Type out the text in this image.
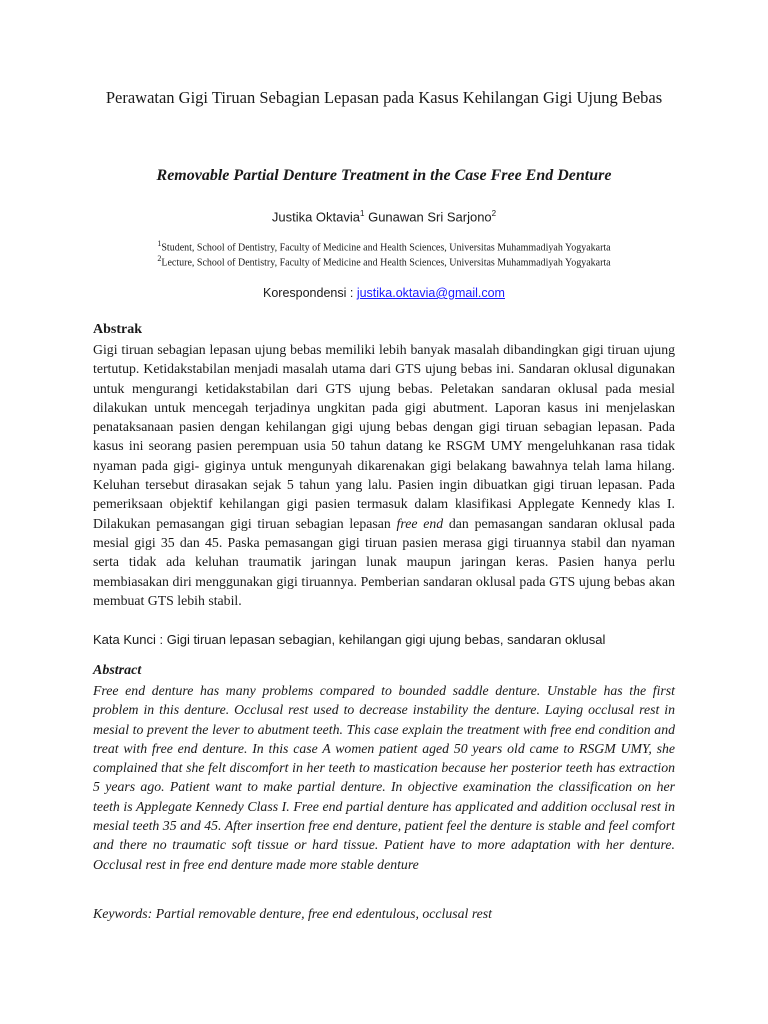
Perawatan Gigi Tiruan Sebagian Lepasan pada Kasus Kehilangan Gigi Ujung Bebas
Removable Partial Denture Treatment in the Case Free End Denture
Justika Oktavia$^1$ Gunawan Sri Sarjono$^2$
$^1$Student, School of Dentistry, Faculty of Medicine and Health Sciences, Universitas Muhammadiyah Yogyakarta
$^2$Lecture, School of Dentistry, Faculty of Medicine and Health Sciences, Universitas Muhammadiyah Yogyakarta
Korespondensi : justika.oktavia@gmail.com
Abstrak
Gigi tiruan sebagian lepasan ujung bebas memiliki lebih banyak masalah dibandingkan gigi tiruan ujung tertutup. Ketidakstabilan menjadi masalah utama dari GTS ujung bebas ini. Sandaran oklusal digunakan untuk mengurangi ketidakstabilan dari GTS ujung bebas. Peletakan sandaran oklusal pada mesial dilakukan untuk mencegah terjadinya ungkitan pada gigi abutment. Laporan kasus ini menjelaskan penataksanaan pasien dengan kehilangan gigi ujung bebas dengan gigi tiruan sebagian lepasan. Pada kasus ini seorang pasien perempuan usia 50 tahun datang ke RSGM UMY mengeluhkanan rasa tidak nyaman pada gigi- giginya untuk mengunyah dikarenakan gigi belakang bawahnya telah lama hilang. Keluhan tersebut dirasakan sejak 5 tahun yang lalu. Pasien ingin dibuatkan gigi tiruan lepasan. Pada pemeriksaan objektif kehilangan gigi pasien termasuk dalam klasifikasi Applegate Kennedy klas I. Dilakukan pemasangan gigi tiruan sebagian lepasan free end dan pemasangan sandaran oklusal pada mesial gigi 35 dan 45. Paska pemasangan gigi tiruan pasien merasa gigi tiruannya stabil dan nyaman serta tidak ada keluhan traumatik jaringan lunak maupun jaringan keras. Pasien hanya perlu membiasakan diri menggunakan gigi tiruannya. Pemberian sandaran oklusal pada GTS ujung bebas akan membuat GTS lebih stabil.
Kata Kunci : Gigi tiruan lepasan sebagian, kehilangan gigi ujung bebas, sandaran oklusal
Abstract
Free end denture has many problems compared to bounded saddle denture. Unstable has the first problem in this denture. Occlusal rest used to decrease instability the denture. Laying occlusal rest in mesial to prevent the lever to abutment teeth. This case explain the treatment with free end condition and treat with free end denture. In this case A women patient aged 50 years old came to RSGM UMY, she complained that she felt discomfort in her teeth to mastication because her posterior teeth has extraction 5 years ago. Patient want to make partial denture. In objective examination the classification on her teeth is Applegate Kennedy Class I. Free end partial denture has applicated and addition occlusal rest in mesial teeth 35 and 45. After insertion free end denture, patient feel the denture is stable and feel comfort and there no traumatic soft tissue or hard tissue. Patient have to more adaptation with her denture. Occlusal rest in free end denture made more stable denture
Keywords: Partial removable denture, free end edentulous, occlusal rest
